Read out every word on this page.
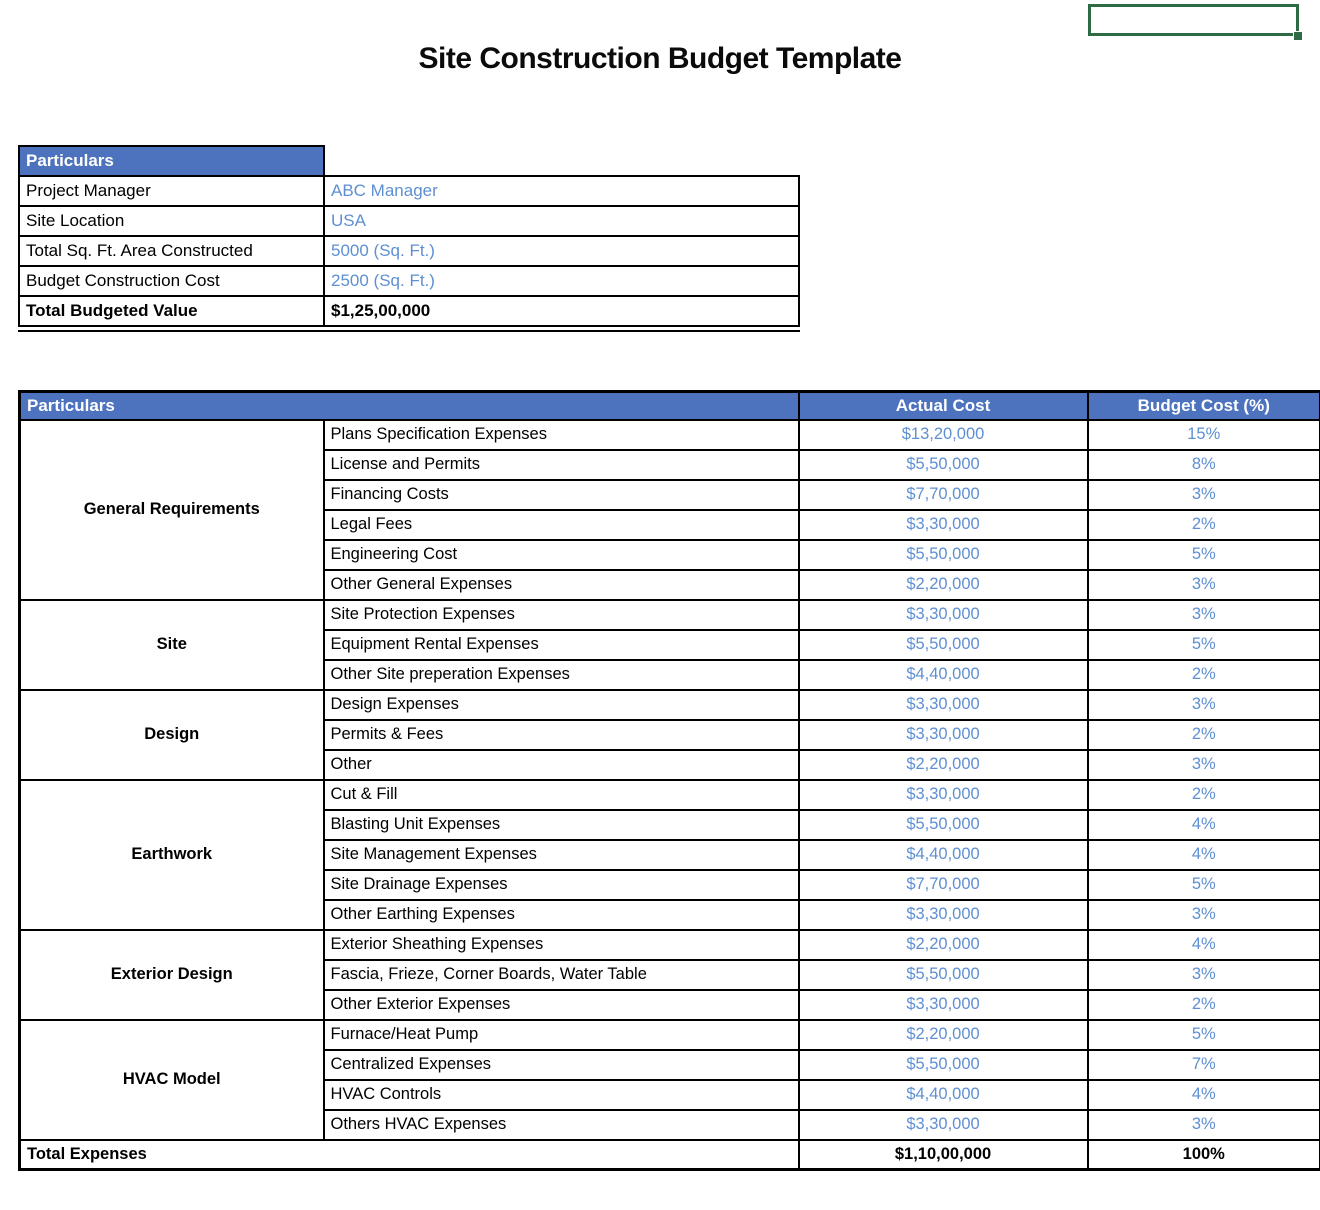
Site Construction Budget Template
Particulars	
Project Manager	ABC Manager
Site Location	USA
Total Sq. Ft. Area Constructed	5000 (Sq. Ft.)
Budget Construction Cost	2500 (Sq. Ft.)
Total Budgeted Value	$1,25,00,000
Particulars		Actual Cost	Budget Cost (%)
General Requirements	Plans Specification Expenses	$13,20,000	15%
	License and Permits	$5,50,000	8%
	Financing Costs	$7,70,000	3%
	Legal Fees	$3,30,000	2%
	Engineering Cost	$5,50,000	5%
	Other General Expenses	$2,20,000	3%
Site	Site Protection Expenses	$3,30,000	3%
	Equipment Rental Expenses	$5,50,000	5%
	Other Site preperation Expenses	$4,40,000	2%
Design	Design Expenses	$3,30,000	3%
	Permits & Fees	$3,30,000	2%
	Other	$2,20,000	3%
Earthwork	Cut & Fill	$3,30,000	2%
	Blasting Unit Expenses	$5,50,000	4%
	Site Management Expenses	$4,40,000	4%
	Site Drainage Expenses	$7,70,000	5%
	Other Earthing Expenses	$3,30,000	3%
Exterior Design	Exterior Sheathing Expenses	$2,20,000	4%
	Fascia, Frieze, Corner Boards, Water Table	$5,50,000	3%
	Other Exterior Expenses	$3,30,000	2%
HVAC Model	Furnace/Heat Pump	$2,20,000	5%
	Centralized Expenses	$5,50,000	7%
	HVAC Controls	$4,40,000	4%
	Others HVAC Expenses	$3,30,000	3%
Total Expenses		$1,10,00,000	100%
